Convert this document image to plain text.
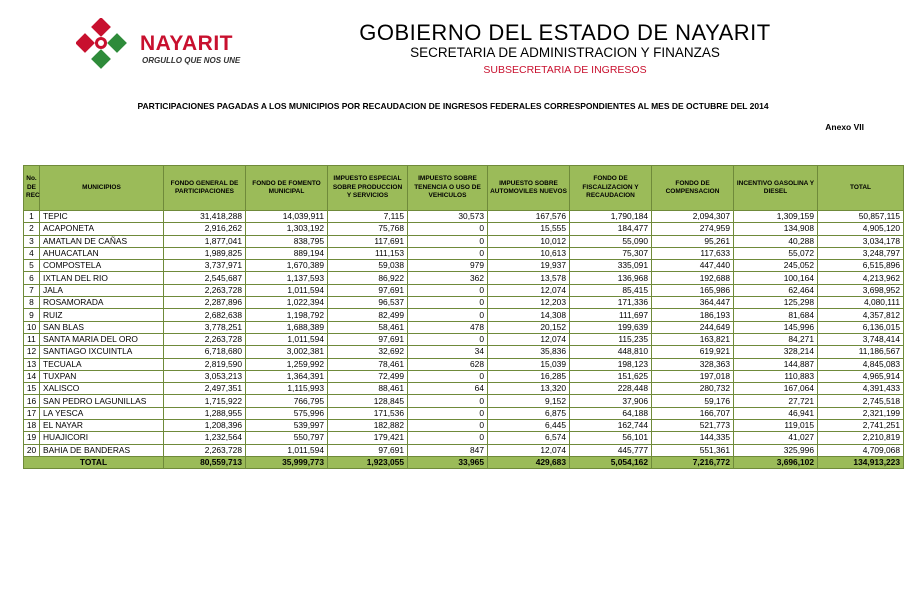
NAYARIT
ORGULLO QUE NOS UNE
GOBIERNO DEL ESTADO DE NAYARIT
SECRETARIA DE ADMINISTRACION Y FINANZAS
SUBSECRETARIA DE INGRESOS
PARTICIPACIONES PAGADAS A LOS MUNICIPIOS POR RECAUDACION DE INGRESOS FEDERALES CORRESPONDIENTES AL MES DE OCTUBRE DEL 2014
Anexo VII
No. DE REC	MUNICIPIOS	FONDO GENERAL DE PARTICIPACIONES	FONDO DE FOMENTO MUNICIPAL	IMPUESTO ESPECIAL SOBRE PRODUCCION Y SERVICIOS	IMPUESTO SOBRE TENENCIA O USO DE VEHICULOS	IMPUESTO SOBRE AUTOMOVILES NUEVOS	FONDO DE FISCALIZACION Y RECAUDACION	FONDO DE COMPENSACION	INCENTIVO GASOLINA Y DIESEL	TOTAL
1	TEPIC	31,418,288	14,039,911	7,115	30,573	167,576	1,790,184	2,094,307	1,309,159	50,857,115
2	ACAPONETA	2,916,262	1,303,192	75,768	0	15,555	184,477	274,959	134,908	4,905,120
3	AMATLAN DE CAÑAS	1,877,041	838,795	117,691	0	10,012	55,090	95,261	40,288	3,034,178
4	AHUACATLAN	1,989,825	889,194	111,153	0	10,613	75,307	117,633	55,072	3,248,797
5	COMPOSTELA	3,737,971	1,670,389	59,038	979	19,937	335,091	447,440	245,052	6,515,896
6	IXTLAN DEL RIO	2,545,687	1,137,593	86,922	362	13,578	136,968	192,688	100,164	4,213,962
7	JALA	2,263,728	1,011,594	97,691	0	12,074	85,415	165,986	62,464	3,698,952
8	ROSAMORADA	2,287,896	1,022,394	96,537	0	12,203	171,336	364,447	125,298	4,080,111
9	RUIZ	2,682,638	1,198,792	82,499	0	14,308	111,697	186,193	81,684	4,357,812
10	SAN BLAS	3,778,251	1,688,389	58,461	478	20,152	199,639	244,649	145,996	6,136,015
11	SANTA MARIA DEL ORO	2,263,728	1,011,594	97,691	0	12,074	115,235	163,821	84,271	3,748,414
12	SANTIAGO IXCUINTLA	6,718,680	3,002,381	32,692	34	35,836	448,810	619,921	328,214	11,186,567
13	TECUALA	2,819,590	1,259,992	78,461	628	15,039	198,123	328,363	144,887	4,845,083
14	TUXPAN	3,053,213	1,364,391	72,499	0	16,285	151,625	197,018	110,883	4,965,914
15	XALISCO	2,497,351	1,115,993	88,461	64	13,320	228,448	280,732	167,064	4,391,433
16	SAN PEDRO LAGUNILLAS	1,715,922	766,795	128,845	0	9,152	37,906	59,176	27,721	2,745,518
17	LA YESCA	1,288,955	575,996	171,536	0	6,875	64,188	166,707	46,941	2,321,199
18	EL NAYAR	1,208,396	539,997	182,882	0	6,445	162,744	521,773	119,015	2,741,251
19	HUAJICORI	1,232,564	550,797	179,421	0	6,574	56,101	144,335	41,027	2,210,819
20	BAHIA DE BANDERAS	2,263,728	1,011,594	97,691	847	12,074	445,777	551,361	325,996	4,709,068
TOTAL		80,559,713	35,999,773	1,923,055	33,965	429,683	5,054,162	7,216,772	3,696,102	134,913,223
